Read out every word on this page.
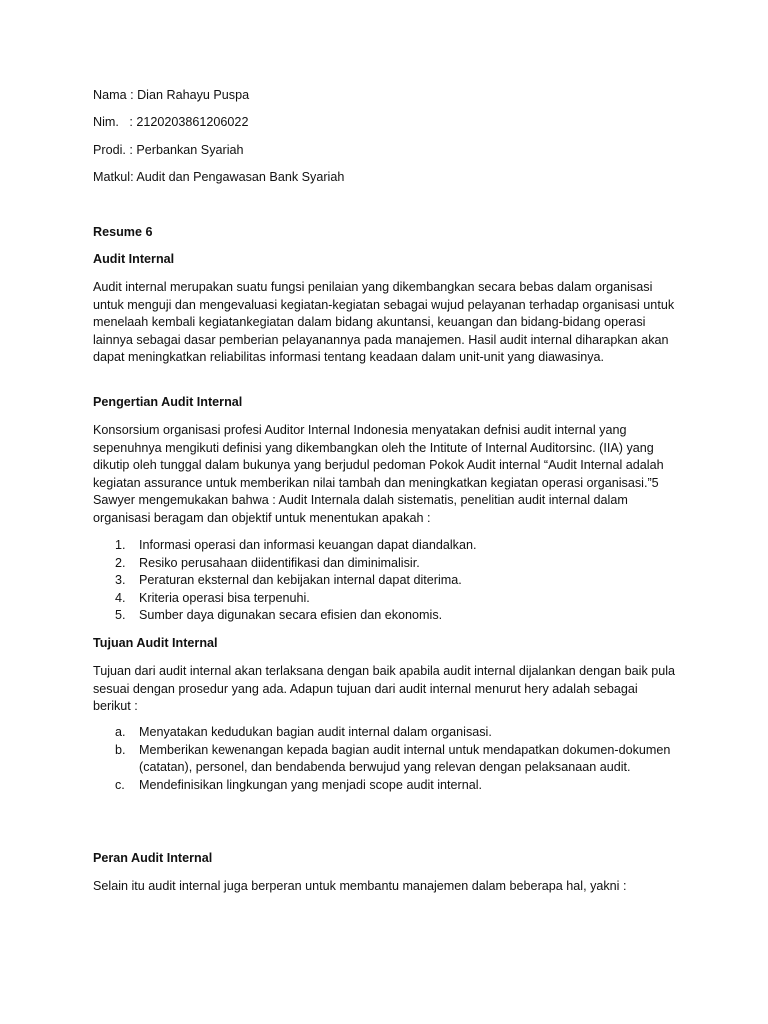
Nama : Dian Rahayu Puspa

Nim.   : 2120203861206022

Prodi. : Perbankan Syariah

Matkul: Audit dan Pengawasan Bank Syariah

Resume 6

Audit Internal

Audit internal merupakan suatu fungsi penilaian yang dikembangkan secara bebas dalam organisasi untuk menguji dan mengevaluasi kegiatan-kegiatan sebagai wujud pelayanan terhadap organisasi untuk menelaah kembali kegiatankegiatan dalam bidang akuntansi, keuangan dan bidang-bidang operasi lainnya sebagai dasar pemberian pelayanannya pada manajemen. Hasil audit internal diharapkan akan dapat meningkatkan reliabilitas informasi tentang keadaan dalam unit-unit yang diawasinya.

Pengertian Audit Internal

Konsorsium organisasi profesi Auditor Internal Indonesia menyatakan defnisi audit internal yang sepenuhnya mengikuti definisi yang dikembangkan oleh the Intitute of Internal Auditorsinc. (IIA) yang dikutip oleh tunggal dalam bukunya yang berjudul pedoman Pokok Audit internal “Audit Internal adalah kegiatan assurance untuk memberikan nilai tambah dan meningkatkan kegiatan operasi organisasi.”5 Sawyer mengemukakan bahwa : Audit Internala dalah sistematis, penelitian audit internal dalam organisasi beragam dan objektif untuk menentukan apakah :

1. Informasi operasi dan informasi keuangan dapat diandalkan.
2. Resiko perusahaan diidentifikasi dan diminimalisir.
3. Peraturan eksternal dan kebijakan internal dapat diterima.
4. Kriteria operasi bisa terpenuhi.
5. Sumber daya digunakan secara efisien dan ekonomis.

Tujuan Audit Internal

Tujuan dari audit internal akan terlaksana dengan baik apabila audit internal dijalankan dengan baik pula sesuai dengan prosedur yang ada. Adapun tujuan dari audit internal menurut hery adalah sebagai berikut :

a. Menyatakan kedudukan bagian audit internal dalam organisasi.
b. Memberikan kewenangan kepada bagian audit internal untuk mendapatkan dokumen-dokumen (catatan), personel, dan bendabenda berwujud yang relevan dengan pelaksanaan audit.
c. Mendefinisikan lingkungan yang menjadi scope audit internal.

Peran Audit Internal

Selain itu audit internal juga berperan untuk membantu manajemen dalam beberapa hal, yakni :
